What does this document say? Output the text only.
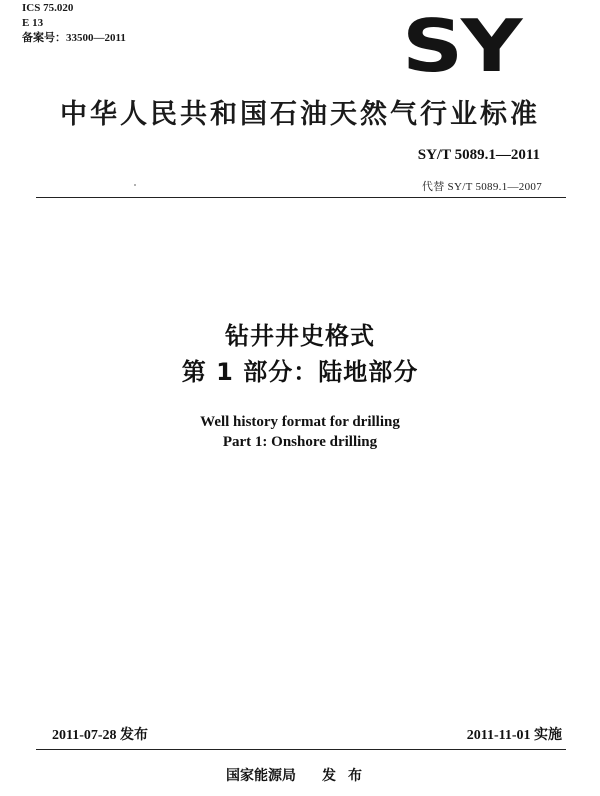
ICS 75.020
E 13
备案号：33500—2011	SY
中华人民共和国石油天然气行业标准
SY/T 5089.1—2011
代替 SY/T 5089.1—2007
钻井井史格式
第 1 部分：陆地部分
Well history format for drilling
Part 1: Onshore drilling
2011-07-28 发布	2011-11-01 实施
国家能源局 发布
